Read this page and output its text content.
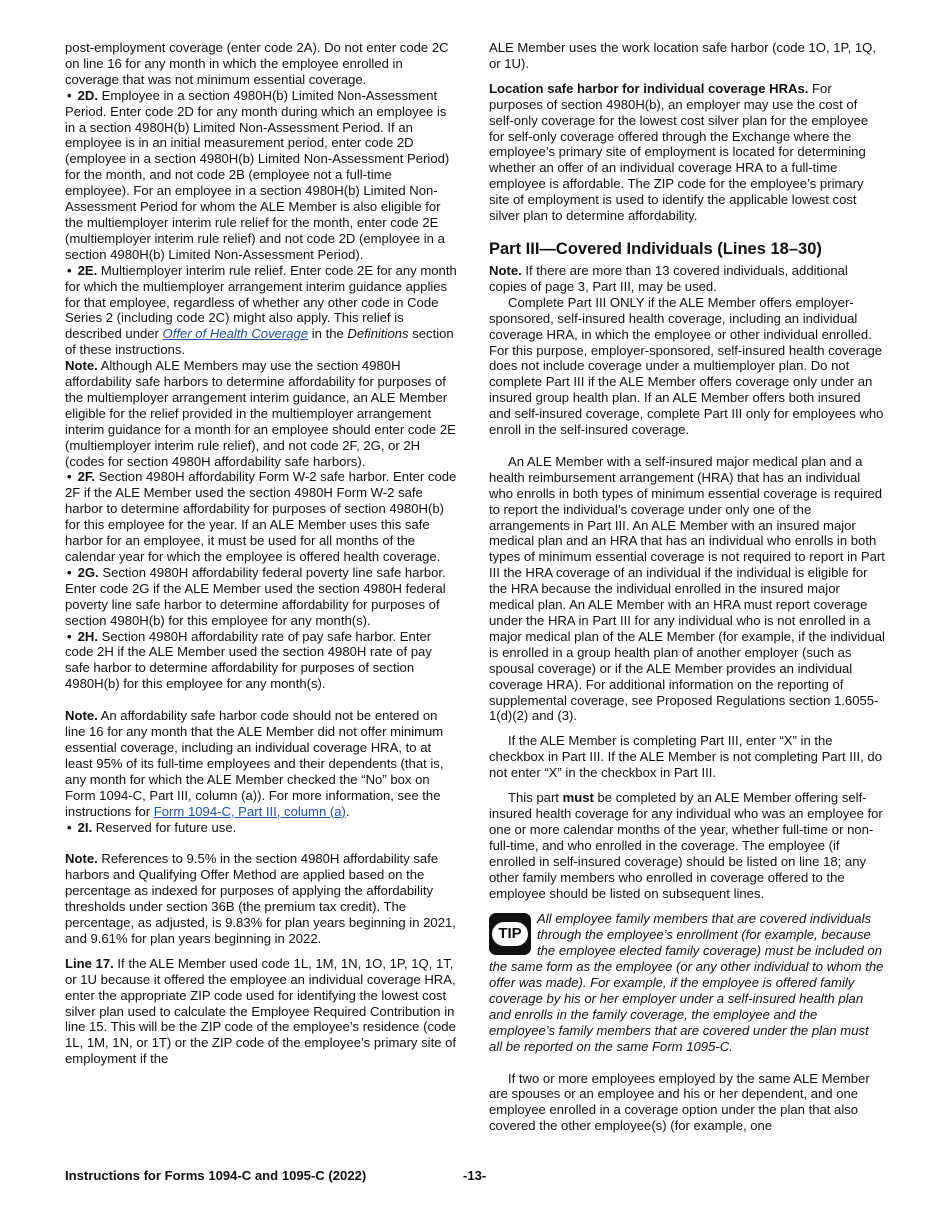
post-employment coverage (enter code 2A). Do not enter code 2C on line 16 for any month in which the employee enrolled in coverage that was not minimum essential coverage.

• 2D. Employee in a section 4980H(b) Limited Non-Assessment Period. Enter code 2D for any month during which an employee is in a section 4980H(b) Limited Non-Assessment Period. If an employee is in an initial measurement period, enter code 2D (employee in a section 4980H(b) Limited Non-Assessment Period) for the month, and not code 2B (employee not a full-time employee). For an employee in a section 4980H(b) Limited Non-Assessment Period for whom the ALE Member is also eligible for the multiemployer interim rule relief for the month, enter code 2E (multiemployer interim rule relief) and not code 2D (employee in a section 4980H(b) Limited Non-Assessment Period).

• 2E. Multiemployer interim rule relief. Enter code 2E for any month for which the multiemployer arrangement interim guidance applies for that employee, regardless of whether any other code in Code Series 2 (including code 2C) might also apply. This relief is described under Offer of Health Coverage in the Definitions section of these instructions.

Note. Although ALE Members may use the section 4980H affordability safe harbors to determine affordability for purposes of the multiemployer arrangement interim guidance, an ALE Member eligible for the relief provided in the multiemployer arrangement interim guidance for a month for an employee should enter code 2E (multiemployer interim rule relief), and not code 2F, 2G, or 2H (codes for section 4980H affordability safe harbors).

• 2F. Section 4980H affordability Form W-2 safe harbor. Enter code 2F if the ALE Member used the section 4980H Form W-2 safe harbor to determine affordability for purposes of section 4980H(b) for this employee for the year. If an ALE Member uses this safe harbor for an employee, it must be used for all months of the calendar year for which the employee is offered health coverage.

• 2G. Section 4980H affordability federal poverty line safe harbor. Enter code 2G if the ALE Member used the section 4980H federal poverty line safe harbor to determine affordability for purposes of section 4980H(b) for this employee for any month(s).

• 2H. Section 4980H affordability rate of pay safe harbor. Enter code 2H if the ALE Member used the section 4980H rate of pay safe harbor to determine affordability for purposes of section 4980H(b) for this employee for any month(s).

Note. An affordability safe harbor code should not be entered on line 16 for any month that the ALE Member did not offer minimum essential coverage, including an individual coverage HRA, to at least 95% of its full-time employees and their dependents (that is, any month for which the ALE Member checked the “No” box on Form 1094-C, Part III, column (a)). For more information, see the instructions for Form 1094-C, Part III, column (a).

• 2I. Reserved for future use.

Note. References to 9.5% in the section 4980H affordability safe harbors and Qualifying Offer Method are applied based on the percentage as indexed for purposes of applying the affordability thresholds under section 36B (the premium tax credit). The percentage, as adjusted, is 9.83% for plan years beginning in 2021, and 9.61% for plan years beginning in 2022.

Line 17. If the ALE Member used code 1L, 1M, 1N, 1O, 1P, 1Q, 1T, or 1U because it offered the employee an individual coverage HRA, enter the appropriate ZIP code used for identifying the lowest cost silver plan used to calculate the Employee Required Contribution in line 15. This will be the ZIP code of the employee’s residence (code 1L, 1M, 1N, or 1T) or the ZIP code of the employee’s primary site of employment if the

ALE Member uses the work location safe harbor (code 1O, 1P, 1Q, or 1U).

Location safe harbor for individual coverage HRAs. For purposes of section 4980H(b), an employer may use the cost of self-only coverage for the lowest cost silver plan for the employee for self-only coverage offered through the Exchange where the employee’s primary site of employment is located for determining whether an offer of an individual coverage HRA to a full-time employee is affordable. The ZIP code for the employee’s primary site of employment is used to identify the applicable lowest cost silver plan to determine affordability.

Part III—Covered Individuals (Lines 18–30)

Note. If there are more than 13 covered individuals, additional copies of page 3, Part III, may be used.

Complete Part III ONLY if the ALE Member offers employer-sponsored, self-insured health coverage, including an individual coverage HRA, in which the employee or other individual enrolled. For this purpose, employer-sponsored, self-insured health coverage does not include coverage under a multiemployer plan. Do not complete Part III if the ALE Member offers coverage only under an insured group health plan. If an ALE Member offers both insured and self-insured coverage, complete Part III only for employees who enroll in the self-insured coverage.

An ALE Member with a self-insured major medical plan and a health reimbursement arrangement (HRA) that has an individual who enrolls in both types of minimum essential coverage is required to report the individual’s coverage under only one of the arrangements in Part III. An ALE Member with an insured major medical plan and an HRA that has an individual who enrolls in both types of minimum essential coverage is not required to report in Part III the HRA coverage of an individual if the individual is eligible for the HRA because the individual enrolled in the insured major medical plan. An ALE Member with an HRA must report coverage under the HRA in Part III for any individual who is not enrolled in a major medical plan of the ALE Member (for example, if the individual is enrolled in a group health plan of another employer (such as spousal coverage) or if the ALE Member provides an individual coverage HRA). For additional information on the reporting of supplemental coverage, see Proposed Regulations section 1.6055-1(d)(2) and (3).

If the ALE Member is completing Part III, enter “X” in the checkbox in Part III. If the ALE Member is not completing Part III, do not enter “X” in the checkbox in Part III.

This part must be completed by an ALE Member offering self-insured health coverage for any individual who was an employee for one or more calendar months of the year, whether full-time or non-full-time, and who enrolled in the coverage. The employee (if enrolled in self-insured coverage) should be listed on line 18; any other family members who enrolled in coverage offered to the employee should be listed on subsequent lines.

TIP

All employee family members that are covered individuals through the employee’s enrollment (for example, because the employee elected family coverage) must be included on the same form as the employee (or any other individual to whom the offer was made). For example, if the employee is offered family coverage by his or her employer under a self-insured health plan and enrolls in the family coverage, the employee and the employee’s family members that are covered under the plan must all be reported on the same Form 1095-C.

If two or more employees employed by the same ALE Member are spouses or an employee and his or her dependent, and one employee enrolled in a coverage option under the plan that also covered the other employee(s) (for example, one

Instructions for Forms 1094-C and 1095-C (2022)	-13-
